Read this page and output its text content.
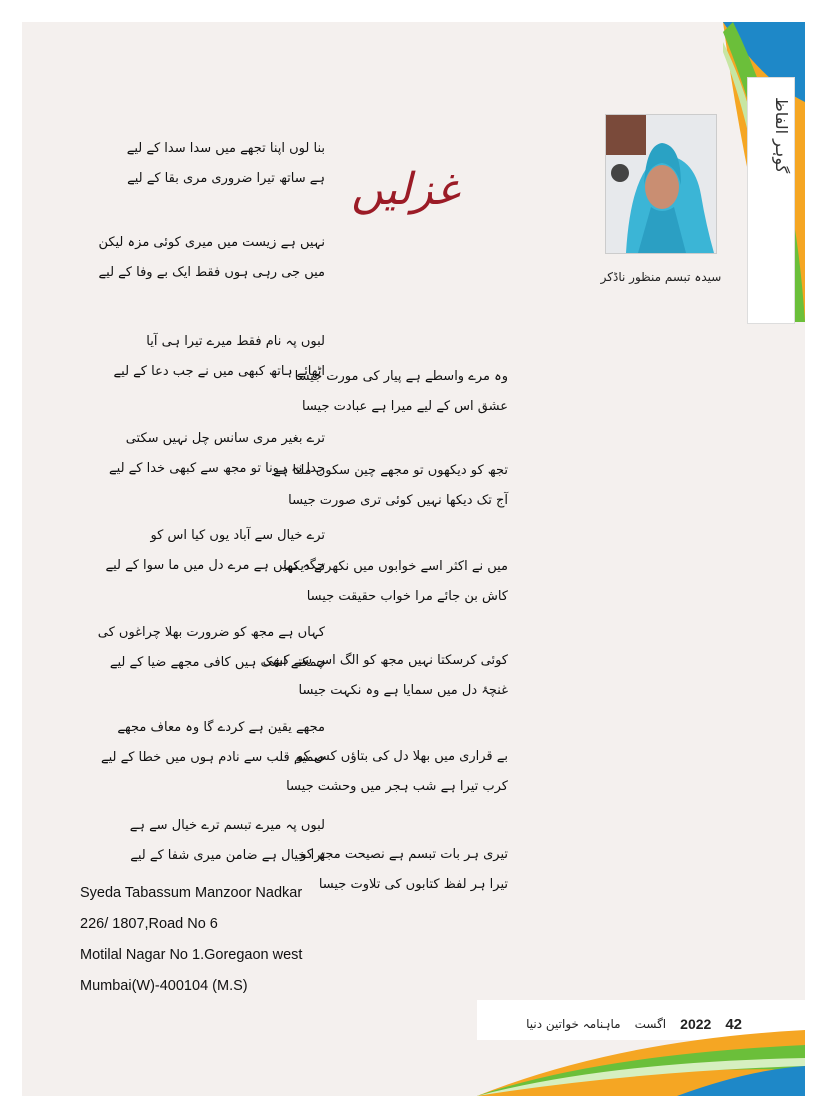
گوہر الفاظ
سیدہ تبسم منظور ناڈکر
غزلیں
بنا لوں اپنا تجھے میں سدا سدا کے لیے
ہے ساتھ تیرا ضروری مری بقا کے لیے
نہیں ہے زیست میں میری کوئی مزہ لیکن
میں جی رہی ہوں فقط ایک بے وفا کے لیے
لبوں پہ نام فقط میرے تیرا ہی آیا
اٹھائے ہاتھ کبھی میں نے جب دعا کے لیے
ترے بغیر مری سانس چل نہیں سکتی
جدا نہ ہونا تو مجھ سے کبھی خدا کے لیے
ترے خیال سے آباد یوں کیا اس کو
جگہ نہیں ہے مرے دل میں ما سوا کے لیے
کہاں ہے مجھ کو ضرورت بھلا چراغوں کی
چمکتے اشک ہیں کافی مجھے ضیا کے لیے
مجھے یقین ہے کردے گا وہ معاف مجھے
صمیم قلب سے نادم ہوں میں خطا کے لیے
لبوں پہ میرے تبسم ترے خیال سے ہے
ترا خیال ہے ضامن میری شفا کے لیے
وہ مرے واسطے ہے پیار کی مورت جیسا
عشق اس کے لیے میرا ہے عبادت جیسا
تجھ کو دیکھوں تو مجھے چین سکوں ملتا ہے
آج تک دیکھا نہیں کوئی تری صورت جیسا
میں نے اکثر اسے خوابوں میں نکھرتے دیکھا
کاش بن جائے مرا خواب حقیقت جیسا
کوئی کرسکتا نہیں مجھ کو الگ اس سے کبھی
غنچۂ دل میں سمایا ہے وہ نکہت جیسا
بے قراری میں بھلا دل کی بتاؤں کس کو
کرب تیرا ہے شب ہجر میں وحشت جیسا
تیری ہر بات تبسم ہے نصیحت مجھ کو
تیرا ہر لفظ کتابوں کی تلاوت جیسا
Syeda Tabassum Manzoor Nadkar
226/ 1807,Road No 6
Motilal Nagar No 1.Goregaon west
Mumbai(W)-400104 (M.S)
ماہنامہ خواتین دنیا اگست 2022 42
